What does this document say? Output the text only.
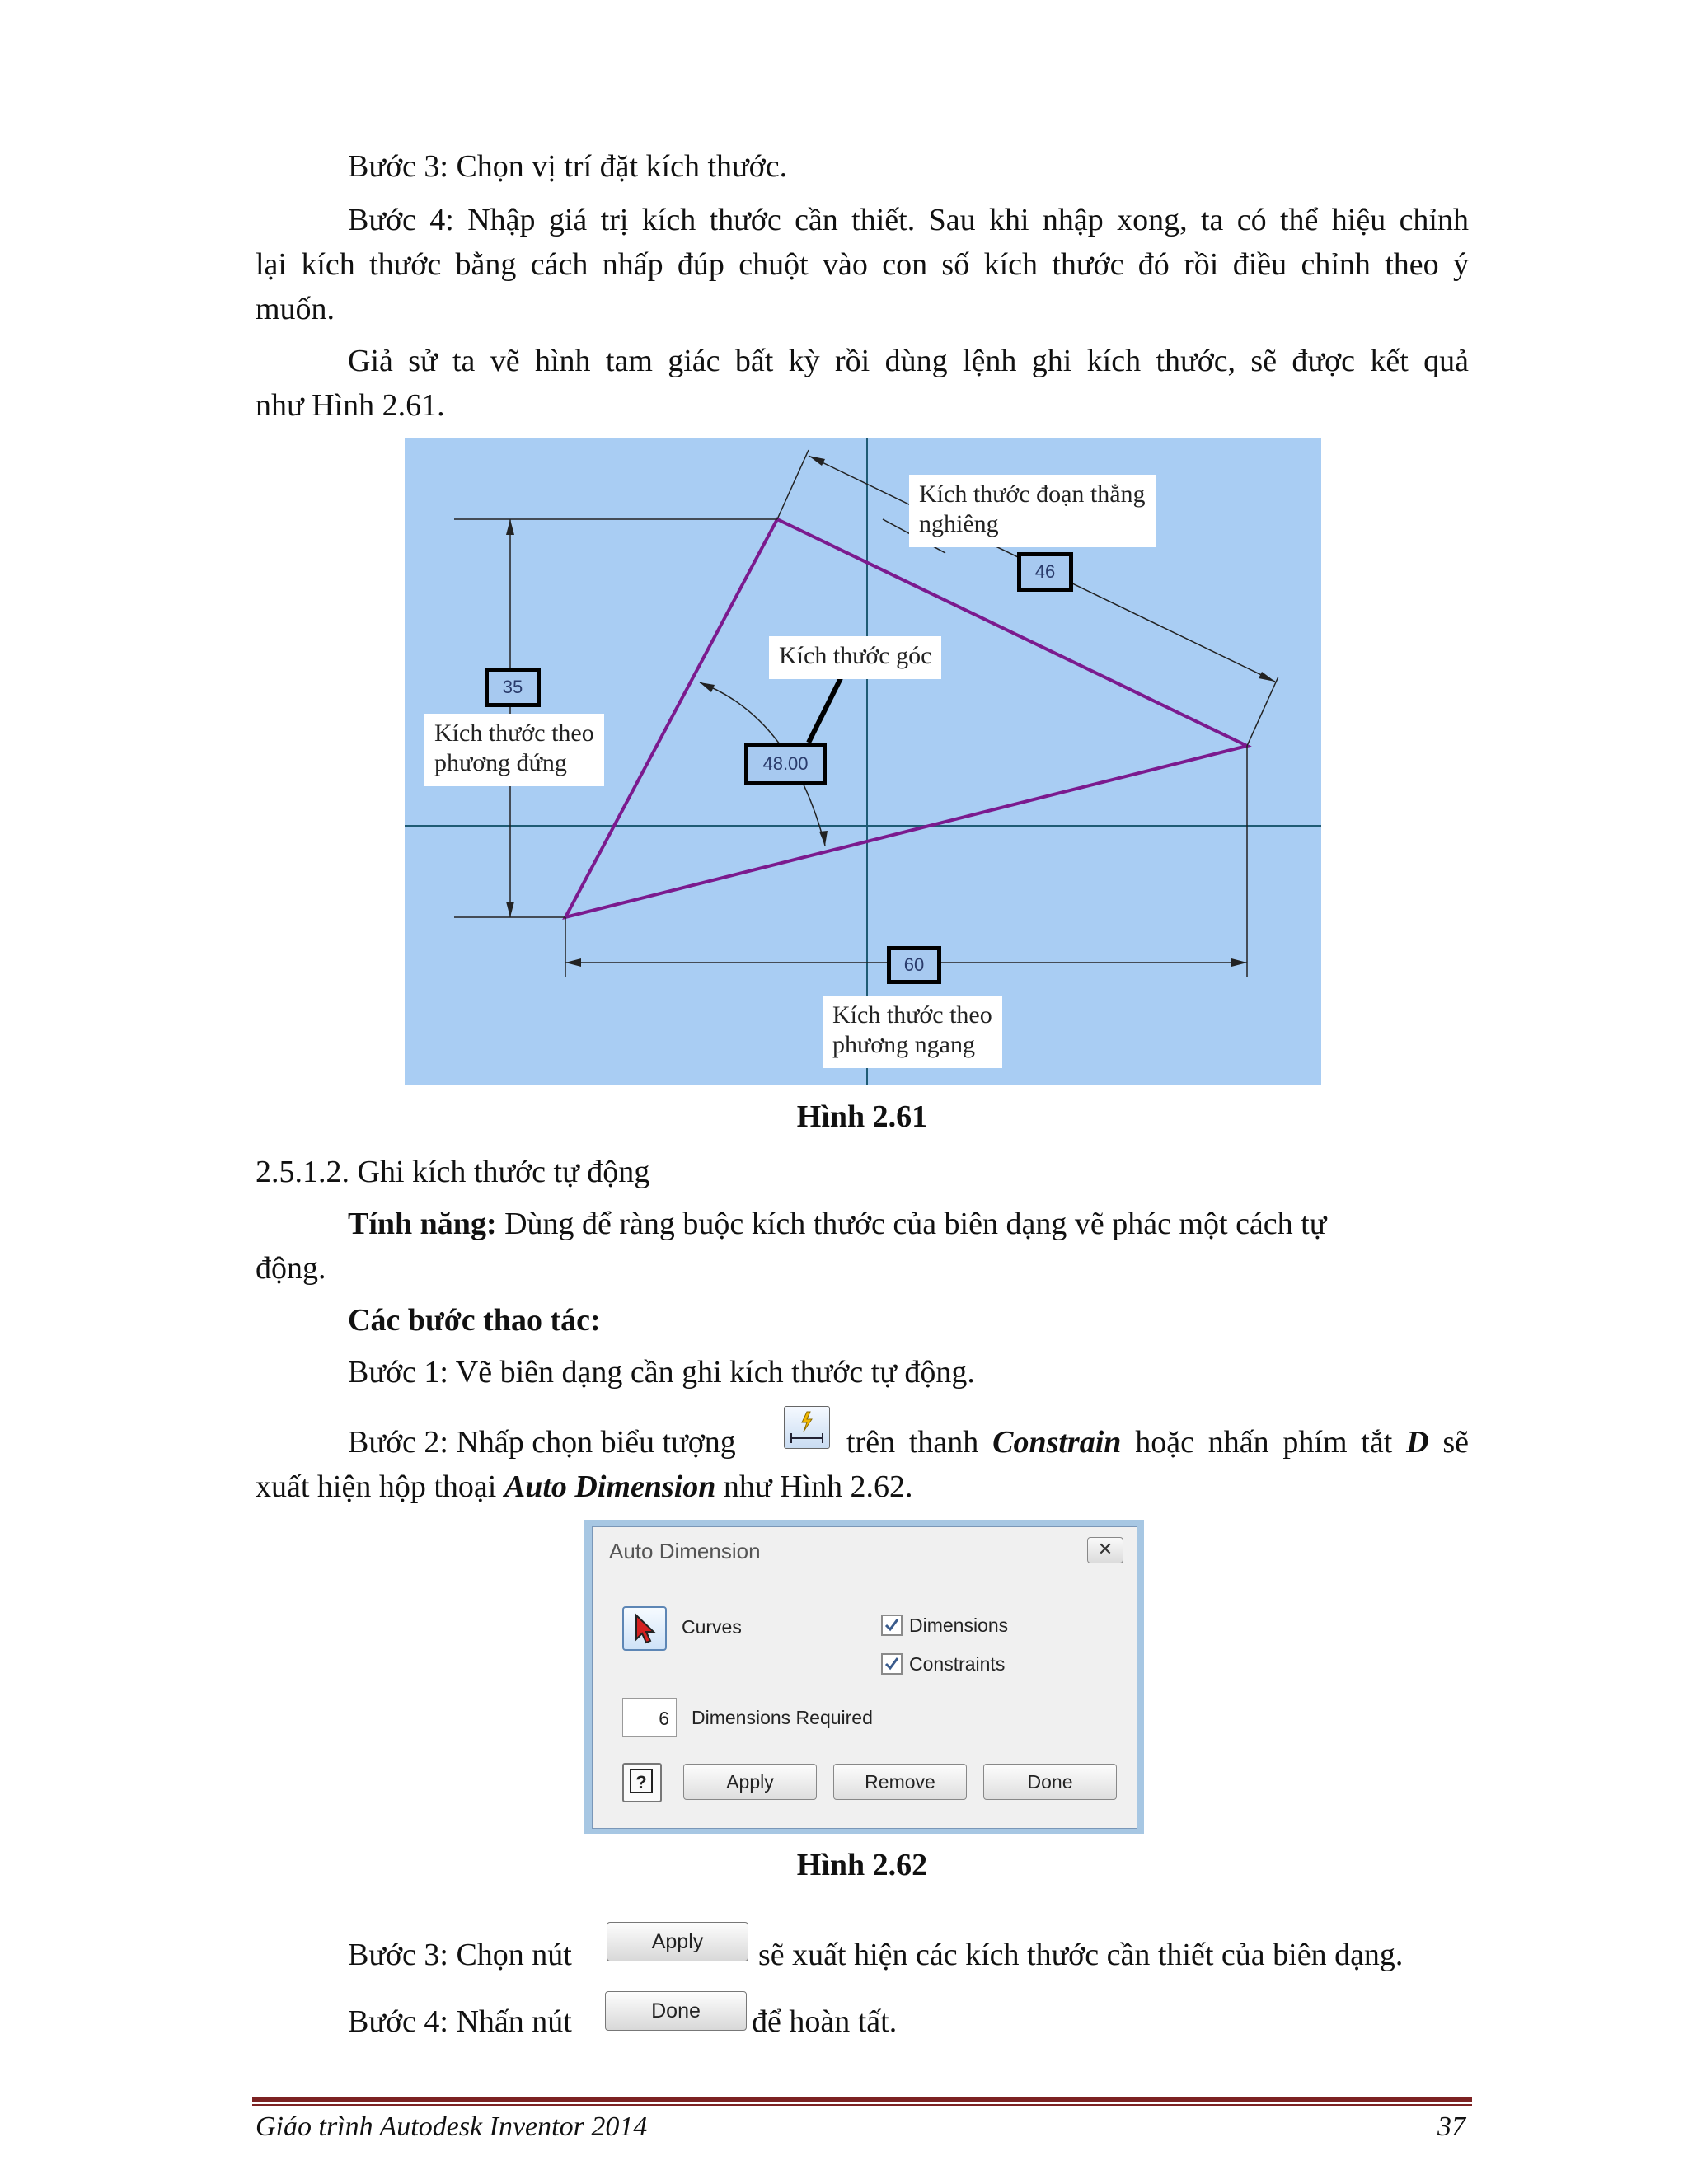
Bước 3: Chọn vị trí đặt kích thước.
Bước 4: Nhập giá trị kích thước cần thiết. Sau khi nhập xong, ta có thể hiệu chỉnh
lại kích thước bằng cách nhấp đúp chuột vào con số kích thước đó rồi điều chỉnh theo ý
muốn.
Giả sử ta vẽ hình tam giác bất kỳ rồi dùng lệnh ghi kích thước, sẽ được kết quả
như Hình 2.61.
Kích thước đoạn thẳng
nghiêng
Kích thước góc
Kích thước theo
phương đứng
Kích thước theo
phương ngang
46
35
48.00
60
Hình 2.61
2.5.1.2. Ghi kích thước tự động
Tính năng: Dùng để ràng buộc kích thước của biên dạng vẽ phác một cách tự
động.
Các bước thao tác:
Bước 1: Vẽ biên dạng cần ghi kích thước tự động.
Bước 2: Nhấp chọn biểu tượng	trên thanh Constrain hoặc nhấn phím tắt D sẽ
xuất hiện hộp thoại Auto Dimension như Hình 2.62.
Auto Dimension	✕
Curves	Dimensions
Constraints
6	Dimensions Required
?	Apply	Remove	Done
Hình 2.62
Bước 3: Chọn nút	Apply	sẽ xuất hiện các kích thước cần thiết của biên dạng.
Bước 4: Nhấn nút	Done	để hoàn tất.
Giáo trình Autodesk Inventor 2014	37
